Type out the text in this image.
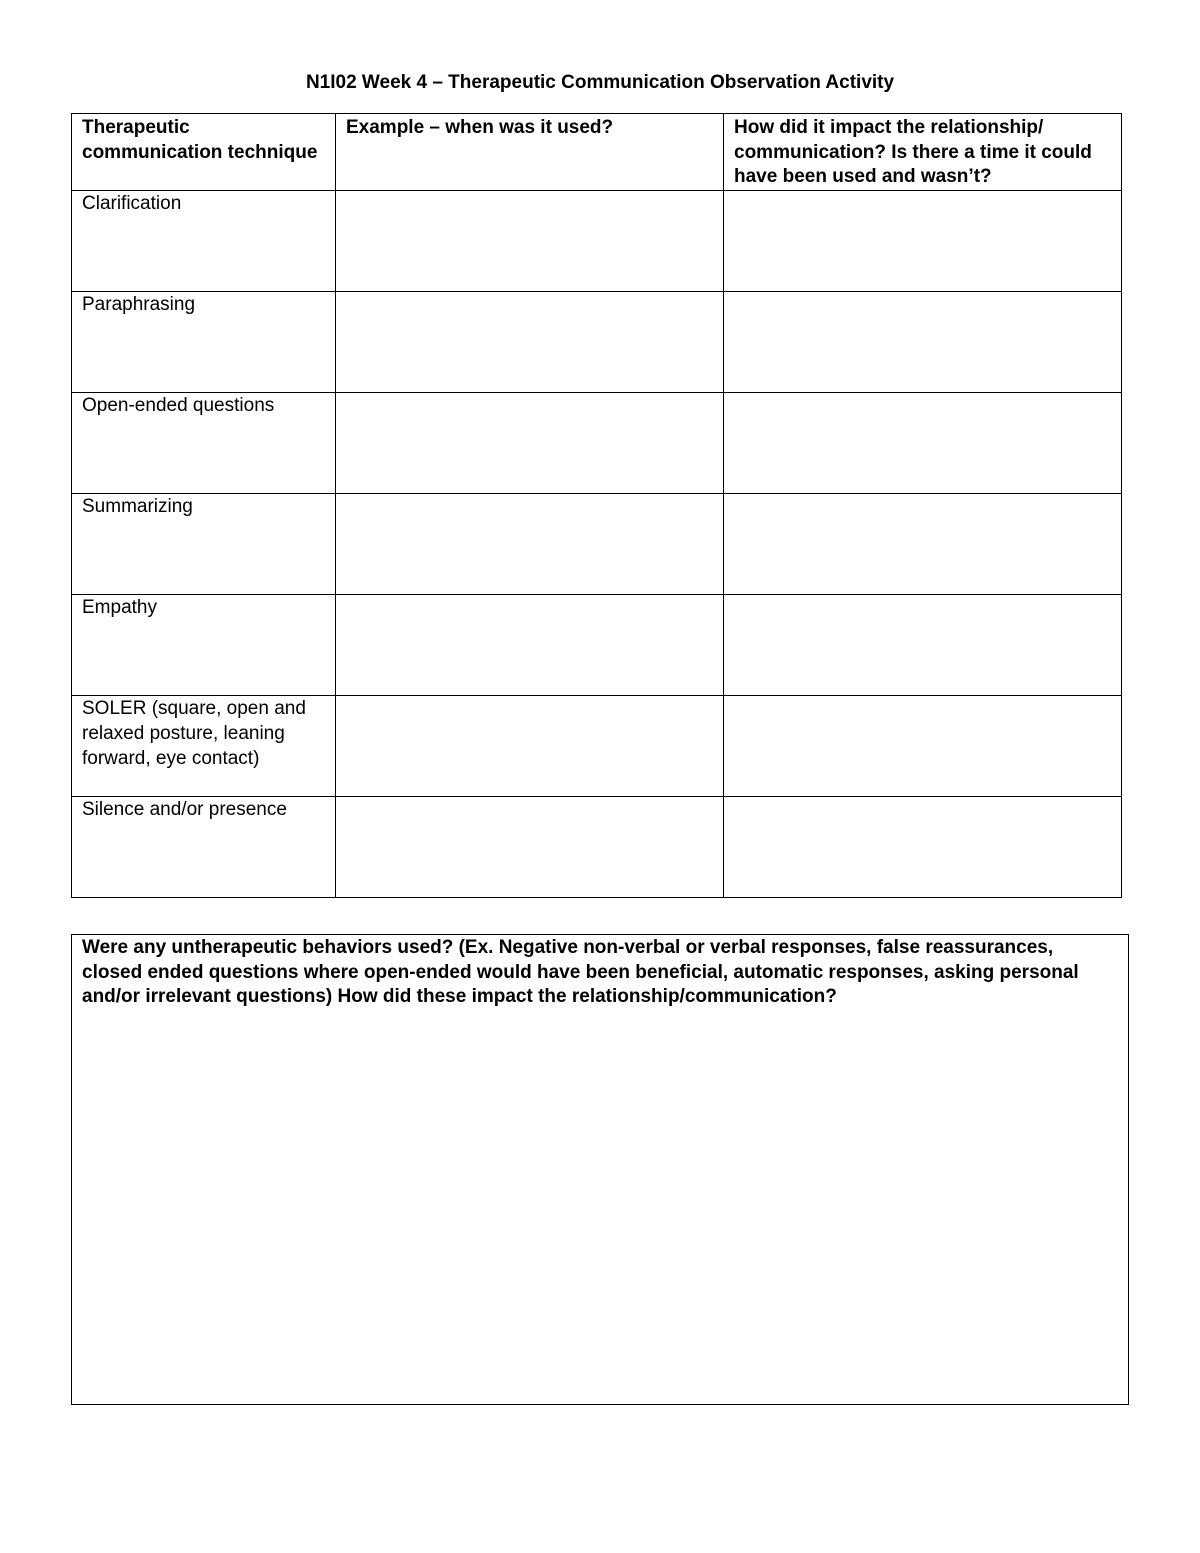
N1I02 Week 4 – Therapeutic Communication Observation Activity
Therapeutic communication technique	Example – when was it used?	How did it impact the relationship/ communication? Is there a time it could have been used and wasn’t?
Clarification		
Paraphrasing		
Open-ended questions		
Summarizing		
Empathy		
SOLER (square, open and relaxed posture, leaning forward, eye contact)		
Silence and/or presence		

Were any untherapeutic behaviors used? (Ex. Negative non-verbal or verbal responses, false reassurances, closed ended questions where open-ended would have been beneficial, automatic responses, asking personal and/or irrelevant questions) How did these impact the relationship/communication?
